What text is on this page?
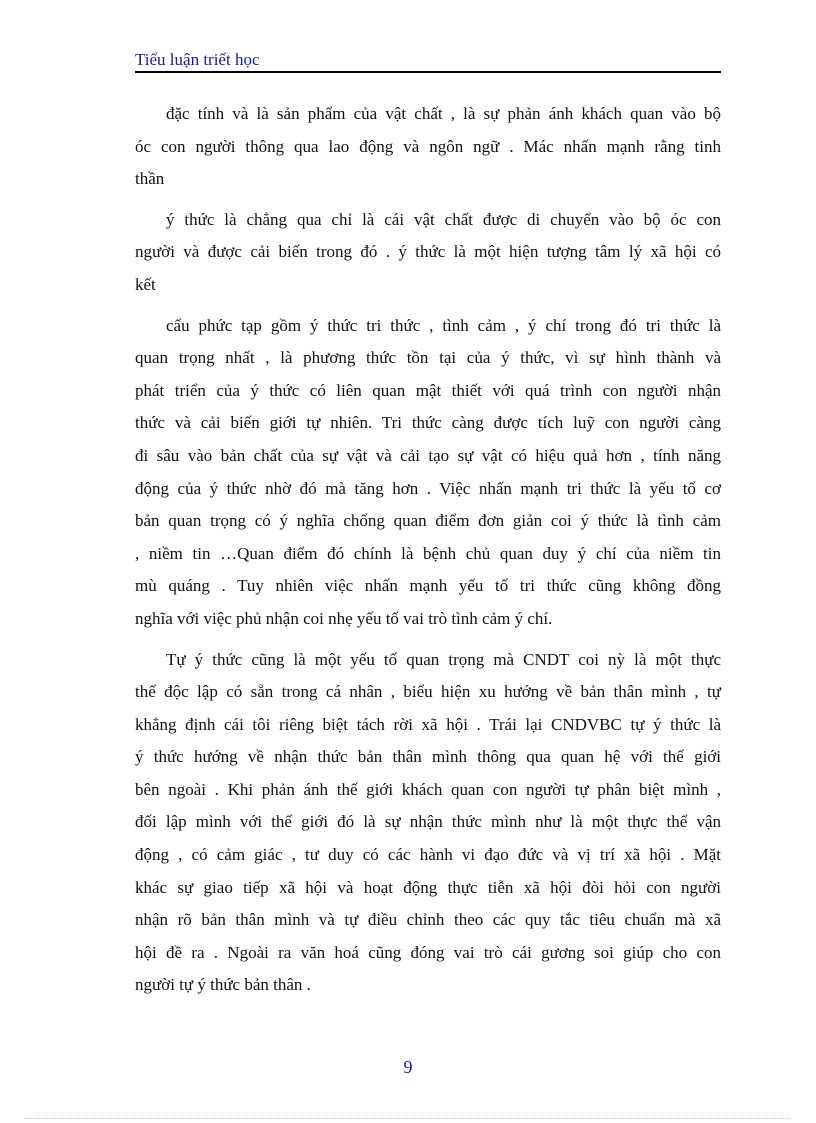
Tiểu luận triết học
đặc tính và là sản phẩm của vật chất , là sự phản ánh khách quan vào bộ
óc con người thông qua lao động và ngôn ngữ . Mác nhấn mạnh rằng tinh
thần
ý thức là chẳng qua chỉ là cái vật chất được di chuyển vào bộ óc con
người và được cải biến trong đó . ý thức là một hiện tượng tâm lý xã hội có
kết
cấu phức tạp gồm ý thức tri thức , tình cảm , ý chí trong đó tri thức là
quan trọng nhất , là phương thức tồn tại của ý thức, vì sự hình thành và
phát triển của ý thức có liên quan mật thiết với quá trình con người nhận
thức và cải biến giới tự nhiên. Tri thức càng được tích luỹ con người càng
đi sâu vào bản chất của sự vật và cải tạo sự vật có hiệu quả hơn , tính năng
động của ý thức nhờ đó mà tăng hơn . Việc nhấn mạnh tri thức là yếu tố cơ
bản quan trọng có ý nghĩa chống quan điểm đơn giản coi ý thức là tình cảm
, niềm tin …Quan điểm đó chính là bệnh chủ quan duy ý chí của niềm tin
mù quáng . Tuy nhiên việc nhấn mạnh yếu tố tri thức cũng không đồng
nghĩa với việc phủ nhận coi nhẹ yếu tố vai trò tình cảm ý chí.
Tự ý thức cũng là một yếu tố quan trọng mà CNDT coi nỳ là một thực
thể độc lập có sẵn trong cá nhân , biểu hiện xu hướng về bản thân mình , tự
khẳng định cái tôi riêng biệt tách rời xã hội . Trái lại CNDVBC tự ý thức là
ý thức hướng về nhận thức bản thân mình thông qua quan hệ với thế giới
bên ngoài . Khi phản ánh thế giới khách quan con người tự phân biệt mình ,
đối lập mình với thế giới đó là sự nhận thức mình như là một thực thể vận
động , có cảm giác , tư duy có các hành vi đạo đức và vị trí xã hội . Mặt
khác sự giao tiếp xã hội và hoạt động thực tiễn xã hội đòi hỏi con người
nhận rõ bản thân mình và tự điều chỉnh theo các quy tắc tiêu chuẩn mà xã
hội đề ra . Ngoài ra văn hoá cũng đóng vai trò cái gương soi giúp cho con
người tự ý thức bản thân .
9
